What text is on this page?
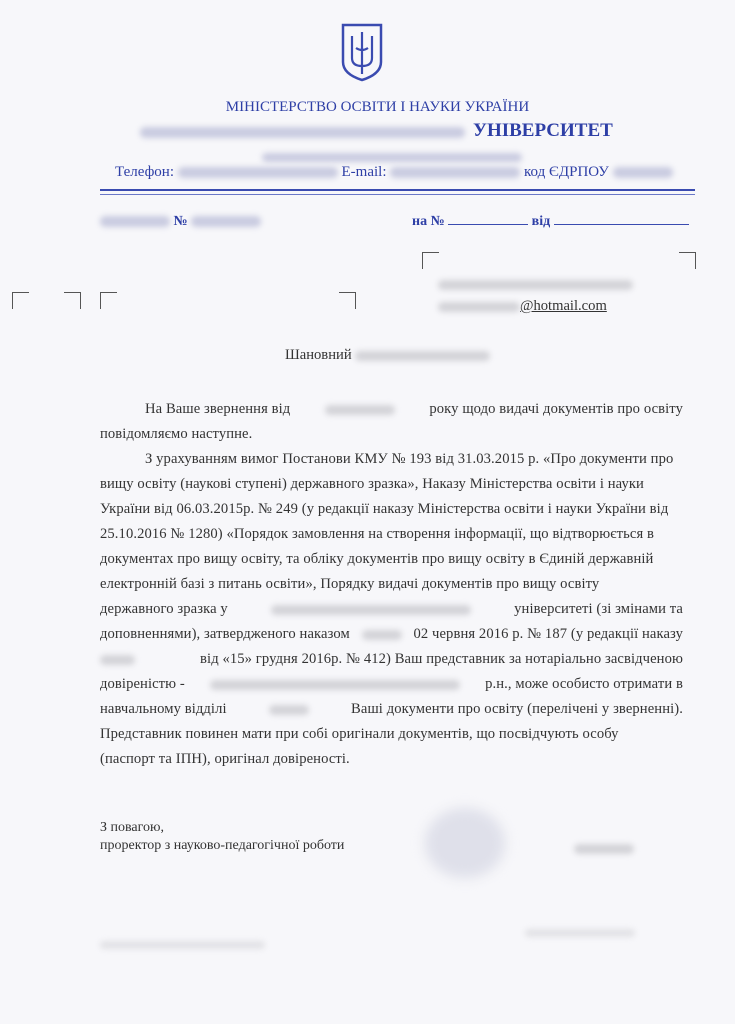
МІНІСТЕРСТВО ОСВІТИ І НАУКИ УКРАЇНИ
УНІВЕРСИТЕТ
Телефон:	E-mail:	код ЄДРПОУ
№	на №	від
@hotmail.com
Шановний
На Ваше звернення від	року щодо видачі документів про освіту
повідомляємо наступне.
З урахуванням вимог Постанови КМУ № 193 від 31.03.2015 р. «Про документи про
вищу освіту (наукові ступені) державного зразка», Наказу Міністерства освіти і науки
України від 06.03.2015р. № 249 (у редакції наказу Міністерства освіти і науки України від
25.10.2016 № 1280) «Порядок замовлення на створення інформації, що відтворюється в
документах про вищу освіту, та обліку документів про вищу освіту в Єдиній державній
електронній базі з питань освіти», Порядку видачі документів про вищу освіту
державного зразка у	університеті (зі змінами та
доповненнями), затвердженого наказом	02 червня 2016 р. № 187 (у редакції наказу
від «15» грудня 2016р. № 412) Ваш представник за нотаріально засвідченою
довіреністю -	р.н., може особисто отримати в
навчальному відділі	Ваші документи про освіту (перелічені у зверненні).
Представник повинен мати при собі оригінали документів, що посвідчують особу
(паспорт та ІПН), оригінал довіреності.
З повагою,
проректор з науково-педагогічної роботи
